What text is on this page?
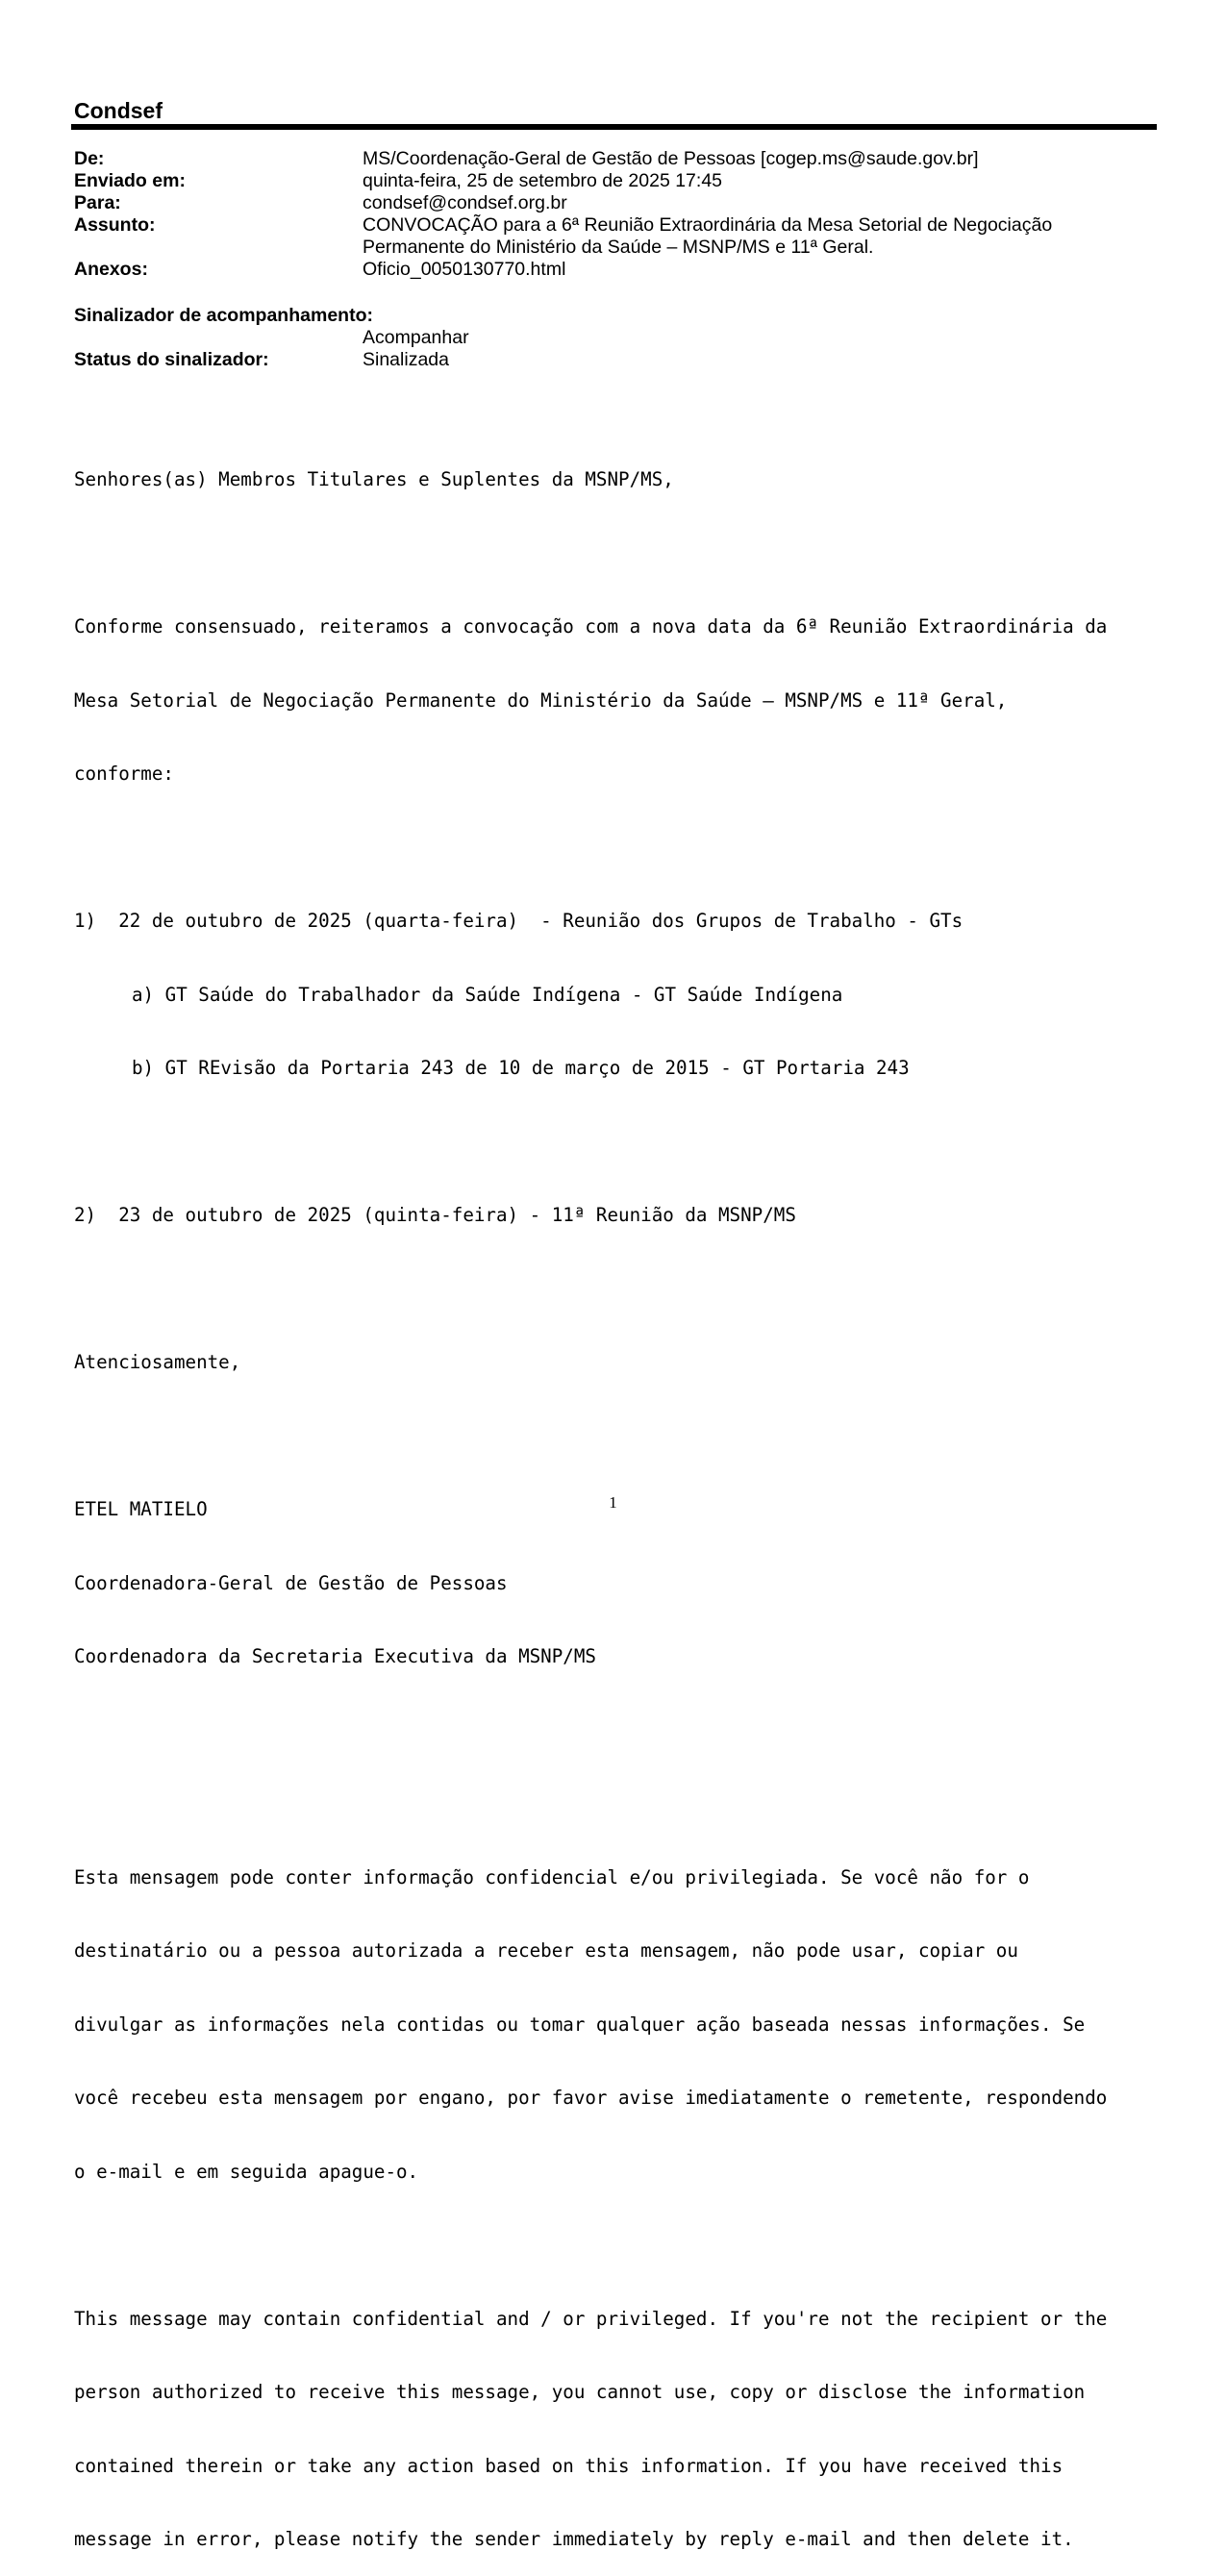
Condsef
De:	MS/Coordenação-Geral de Gestão de Pessoas [cogep.ms@saude.gov.br]
Enviado em:	quinta-feira, 25 de setembro de 2025 17:45
Para:	condsef@condsef.org.br
Assunto:	CONVOCAÇÃO para a 6ª Reunião Extraordinária da Mesa Setorial de Negociação
Permanente do Ministério da Saúde – MSNP/MS e 11ª Geral.
Anexos:	Oficio_0050130770.html
Sinalizador de acompanhamento:
Acompanhar
Status do sinalizador:	Sinalizada

Senhores(as) Membros Titulares e Suplentes da MSNP/MS,

Conforme consensuado, reiteramos a convocação com a nova data da 6ª Reunião Extraordinária da

Mesa Setorial de Negociação Permanente do Ministério da Saúde – MSNP/MS e 11ª Geral,

conforme:

1)  22 de outubro de 2025 (quarta-feira)  - Reunião dos Grupos de Trabalho - GTs

a) GT Saúde do Trabalhador da Saúde Indígena - GT Saúde Indígena

b) GT REvisão da Portaria 243 de 10 de março de 2015 - GT Portaria 243

2)  23 de outubro de 2025 (quinta-feira) - 11ª Reunião da MSNP/MS

Atenciosamente,

ETEL MATIELO

Coordenadora-Geral de Gestão de Pessoas

Coordenadora da Secretaria Executiva da MSNP/MS

Esta mensagem pode conter informação confidencial e/ou privilegiada. Se você não for o

destinatário ou a pessoa autorizada a receber esta mensagem, não pode usar, copiar ou

divulgar as informações nela contidas ou tomar qualquer ação baseada nessas informações. Se

você recebeu esta mensagem por engano, por favor avise imediatamente o remetente, respondendo

o e-mail e em seguida apague-o.

This message may contain confidential and / or privileged. If you're not the recipient or the

person authorized to receive this message, you cannot use, copy or disclose the information

contained therein or take any action based on this information. If you have received this

message in error, please notify the sender immediately by reply e-mail and then delete it.

1
